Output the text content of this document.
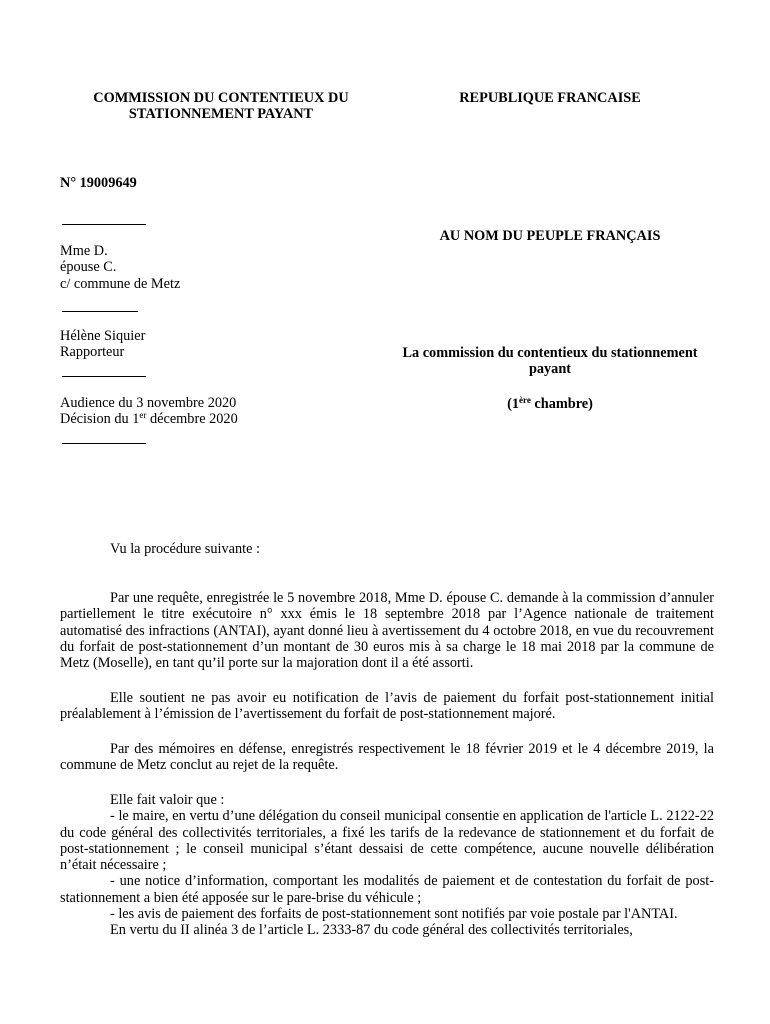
COMMISSION DU CONTENTIEUX DU
STATIONNEMENT PAYANT
REPUBLIQUE FRANCAISE
N° 19009649
Mme D.
épouse C.
c/ commune de Metz
Hélène Siquier
Rapporteur
Audience du 3 novembre 2020
Décision du 1er décembre 2020
AU NOM DU PEUPLE FRANÇAIS
La commission du contentieux du stationnement
payant
(1ère chambre)
Vu la procédure suivante :

Par une requête, enregistrée le 5 novembre 2018, Mme D. épouse C. demande à la commission d’annuler partiellement le titre exécutoire n° xxx émis le 18 septembre 2018 par l’Agence nationale de traitement automatisé des infractions (ANTAI), ayant donné lieu à avertissement du 4 octobre 2018, en vue du recouvrement du forfait de post-stationnement d’un montant de 30 euros mis à sa charge le 18 mai 2018 par la commune de Metz (Moselle), en tant qu’il porte sur la majoration dont il a été assorti.

Elle soutient ne pas avoir eu notification de l’avis de paiement du forfait post-stationnement initial préalablement à l’émission de l’avertissement du forfait de post-stationnement majoré.

Par des mémoires en défense, enregistrés respectivement le 18 février 2019 et le 4 décembre 2019, la commune de Metz conclut au rejet de la requête.

Elle fait valoir que :

- le maire, en vertu d’une délégation du conseil municipal consentie en application de l'article L. 2122-22 du code général des collectivités territoriales, a fixé les tarifs de la redevance de stationnement et du forfait de post-stationnement ; le conseil municipal s’étant dessaisi de cette compétence, aucune nouvelle délibération n’était nécessaire ;

- une notice d’information, comportant les modalités de paiement et de contestation du forfait de post-stationnement a bien été apposée sur le pare-brise du véhicule ;

- les avis de paiement des forfaits de post-stationnement sont notifiés par voie postale par l'ANTAI.

En vertu du II alinéa 3 de l’article L. 2333-87 du code général des collectivités territoriales,
